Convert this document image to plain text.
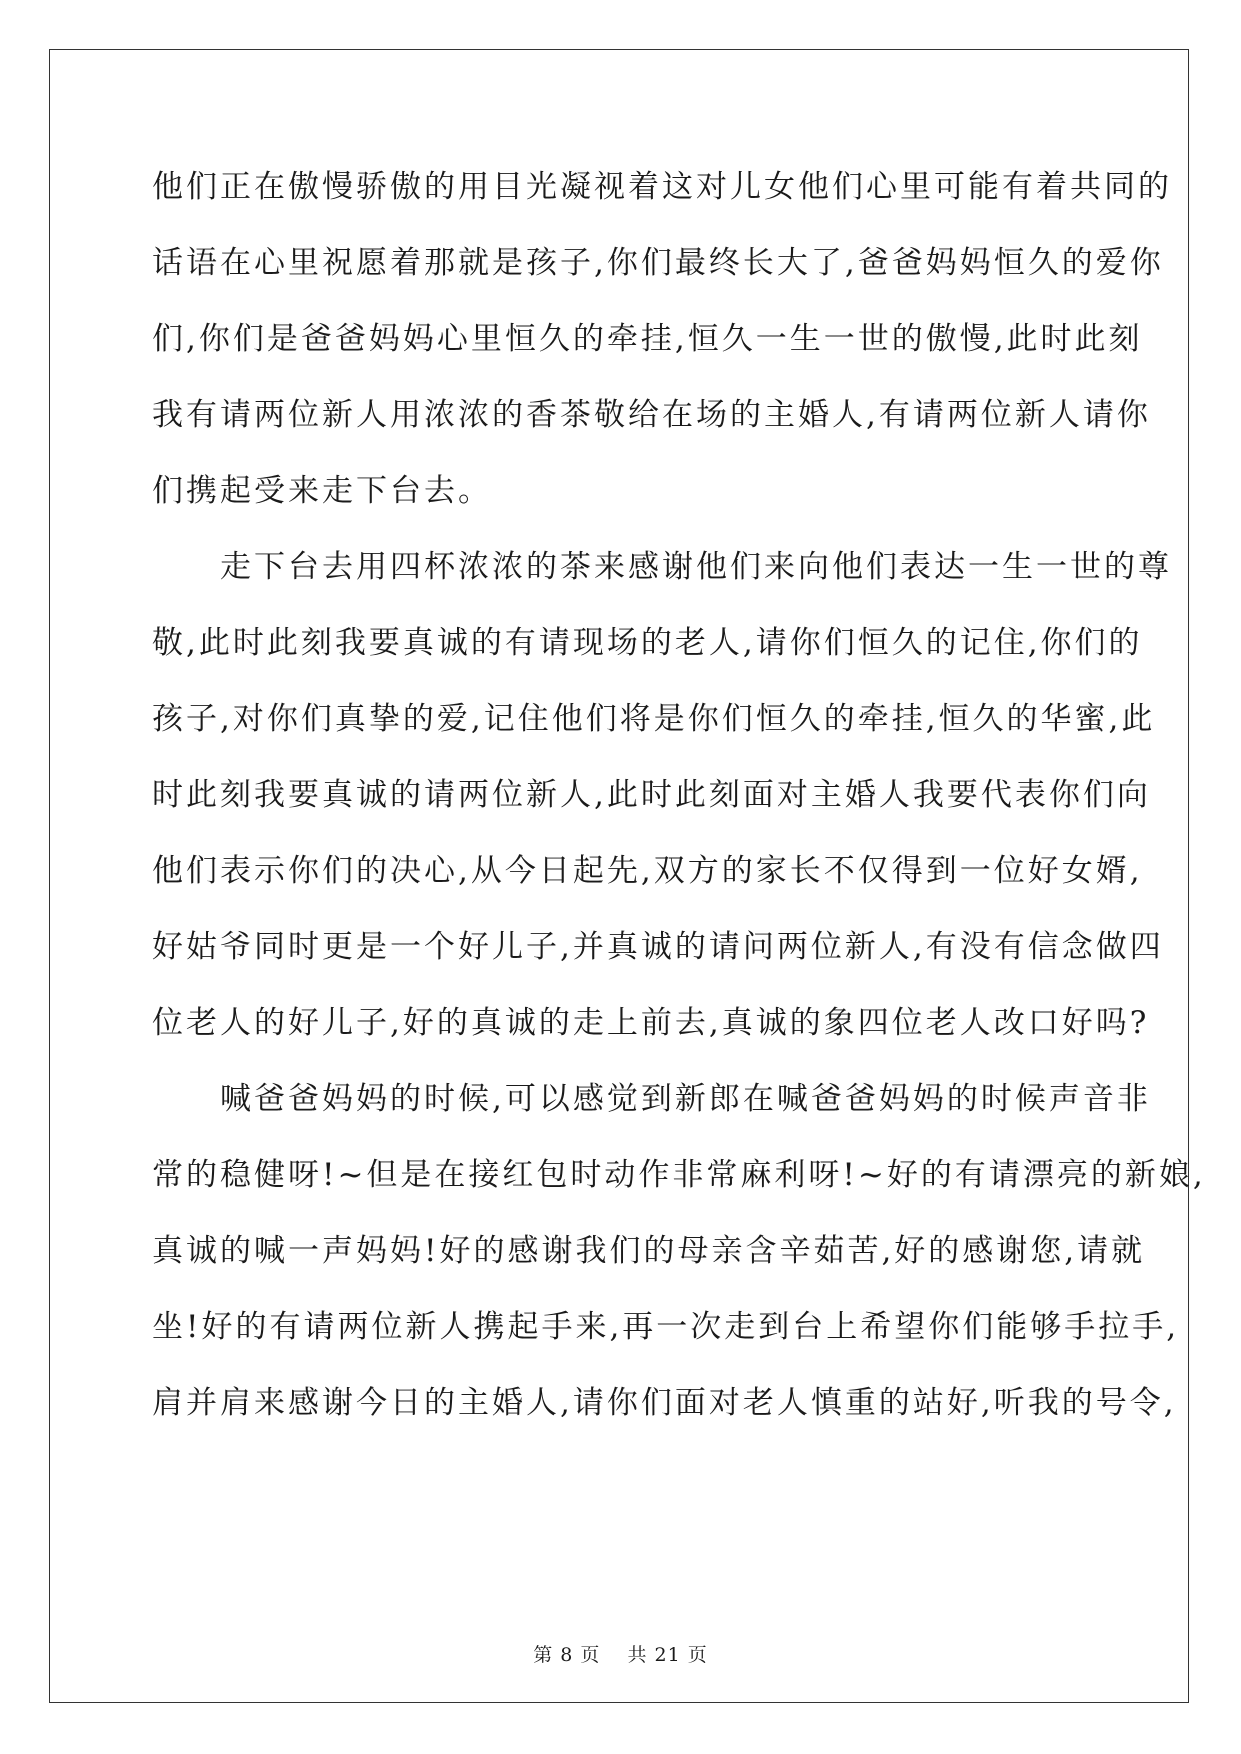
他们正在傲慢骄傲的用目光凝视着这对儿女他们心里可能有着共同的
话语在心里祝愿着那就是孩子,你们最终长大了,爸爸妈妈恒久的爱你
们,你们是爸爸妈妈心里恒久的牵挂,恒久一生一世的傲慢,此时此刻
我有请两位新人用浓浓的香茶敬给在场的主婚人,有请两位新人请你
们携起受来走下台去。
　　走下台去用四杯浓浓的茶来感谢他们来向他们表达一生一世的尊
敬,此时此刻我要真诚的有请现场的老人,请你们恒久的记住,你们的
孩子,对你们真挚的爱,记住他们将是你们恒久的牵挂,恒久的华蜜,此
时此刻我要真诚的请两位新人,此时此刻面对主婚人我要代表你们向
他们表示你们的决心,从今日起先,双方的家长不仅得到一位好女婿,
好姑爷同时更是一个好儿子,并真诚的请问两位新人,有没有信念做四
位老人的好儿子,好的真诚的走上前去,真诚的象四位老人改口好吗?
　　喊爸爸妈妈的时候,可以感觉到新郎在喊爸爸妈妈的时候声音非
常的稳健呀!~但是在接红包时动作非常麻利呀!~好的有请漂亮的新娘,
真诚的喊一声妈妈!好的感谢我们的母亲含辛茹苦,好的感谢您,请就
坐!好的有请两位新人携起手来,再一次走到台上希望你们能够手拉手,
肩并肩来感谢今日的主婚人,请你们面对老人慎重的站好,听我的号令,
第 8 页　 共 21 页
